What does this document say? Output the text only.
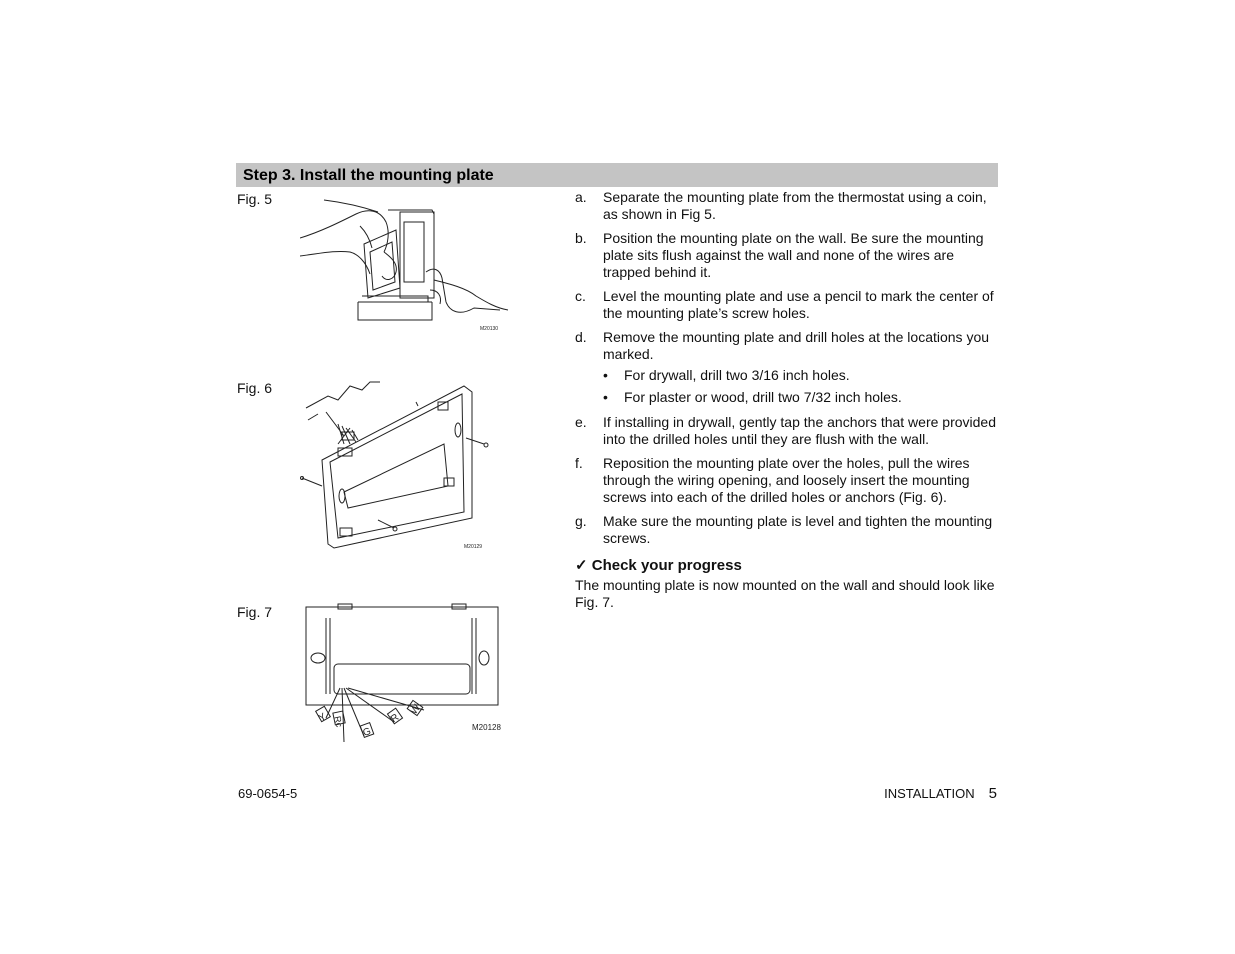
Step 3. Install the mounting plate
Fig. 5
M20130
Fig. 6
M20129
Fig. 7
Y Rc
G
R
W
M20128
a.	Separate the mounting plate from the thermostat using a coin, as shown in Fig 5.
b.	Position the mounting plate on the wall. Be sure the mounting plate sits flush against the wall and none of the wires are trapped behind it.
c.	Level the mounting plate and use a pencil to mark the center of the mounting plate’s screw holes.
d.	Remove the mounting plate and drill holes at the locations you marked.
•	For drywall, drill two 3/16 inch holes.
•	For plaster or wood, drill two 7/32 inch holes.
e.	If installing in drywall, gently tap the anchors that were provided into the drilled holes until they are flush with the wall.
f.	Reposition the mounting plate over the holes, pull the wires through the wiring opening, and loosely insert the mounting screws into each of the drilled holes or anchors (Fig. 6).
g.	Make sure the mounting plate is level and tighten the mounting screws.
✓ Check your progress
The mounting plate is now mounted on the wall and should look like Fig. 7.
69-0654-5	INSTALLATION 5
